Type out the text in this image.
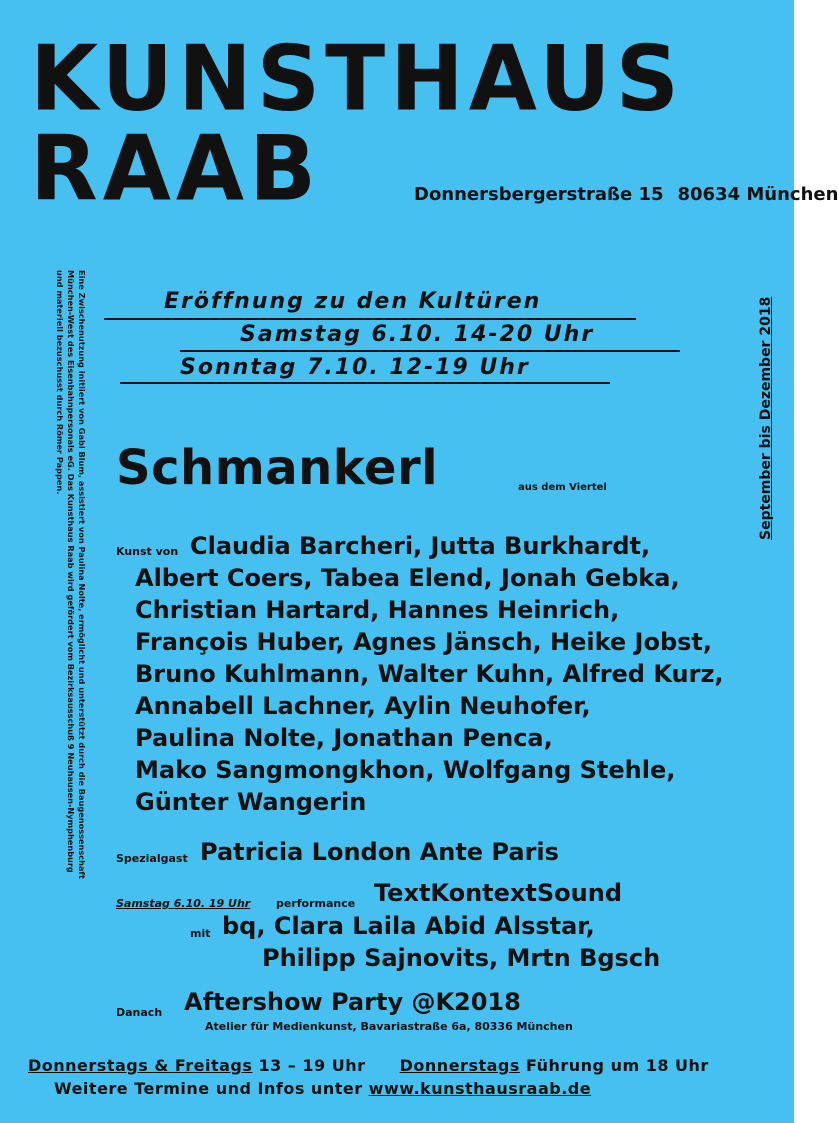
KUNSTHAUS
RAAB	Donnersbergerstraße 15 80634 München
Eine Zwischenutzung initiiert von Gabi Blum, assistiert von Paulina Nolte, ermöglicht und unterstützt durch die Baugenossenschaft
München-West des Eisenbahnpersonals eG. Das Kunsthaus Raab wird gefördert vom Bezirksausschuß 9 Neuhausen-Nymphenburg
und materiell bezuschusst durch Römer Pappen.	September bis Dezember 2018
Eröffnung zu den Kultüren
Samstag 6.10. 14-20 Uhr
Sonntag 7.10. 12-19 Uhr
Schmankerl	aus dem Viertel
Kunst von Claudia Barcheri, Jutta Burkhardt,
Albert Coers, Tabea Elend, Jonah Gebka,
Christian Hartard, Hannes Heinrich,
François Huber, Agnes Jänsch, Heike Jobst,
Bruno Kuhlmann, Walter Kuhn, Alfred Kurz,
Annabell Lachner, Aylin Neuhofer,
Paulina Nolte, Jonathan Penca,
Mako Sangmongkhon, Wolfgang Stehle,
Günter Wangerin
Spezialgast Patricia London Ante Paris
Samstag 6.10. 19 Uhr performance TextKontextSound
mit bq, Clara Laila Abid Alsstar,
Philipp Sajnovits, Mrtn Bgsch
Danach Aftershow Party @K2018
Atelier für Medienkunst, Bavariastraße 6a, 80336 München
Donnerstags & Freitags 13 – 19 Uhr Donnerstags Führung um 18 Uhr
Weitere Termine und Infos unter www.kunsthausraab.de
